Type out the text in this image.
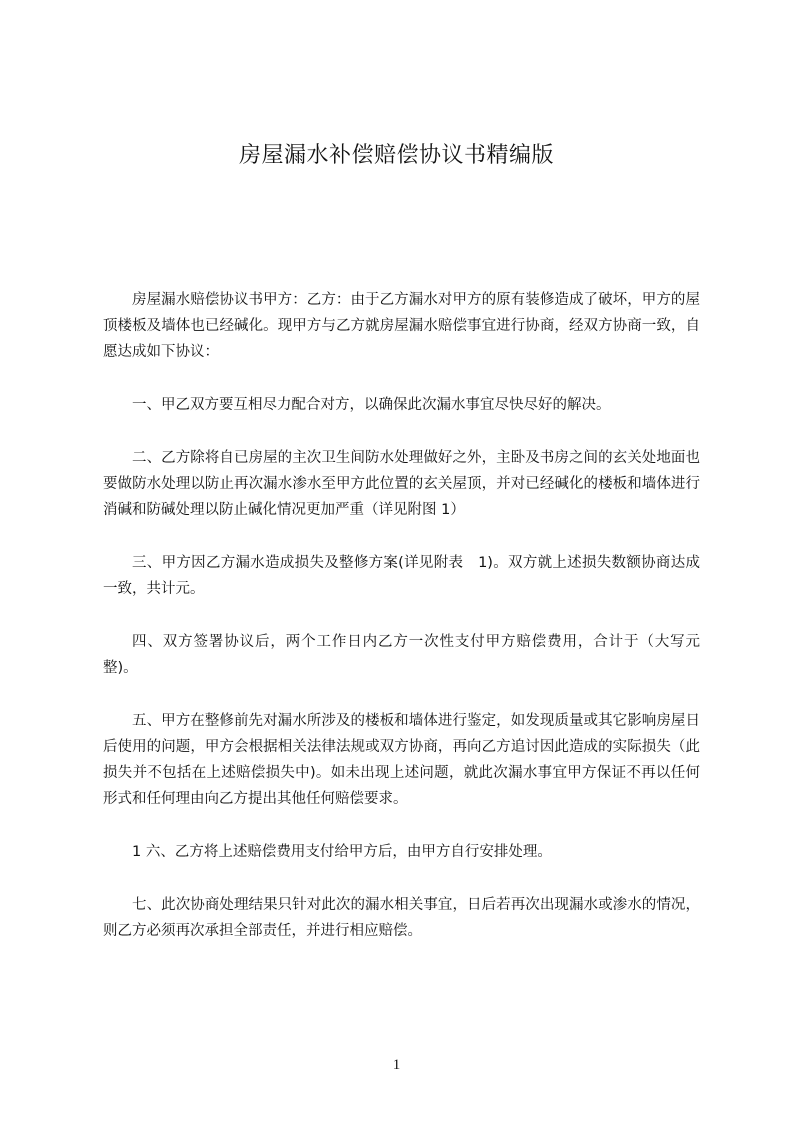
房屋漏水补偿赔偿协议书精编版

房屋漏水赔偿协议书甲方：乙方：由于乙方漏水对甲方的原有装修造成了破坏，甲方的屋顶楼板及墙体也已经碱化。现甲方与乙方就房屋漏水赔偿事宜进行协商，经双方协商一致，自愿达成如下协议：

一、甲乙双方要互相尽力配合对方，以确保此次漏水事宜尽快尽好的解决。

二、乙方除将自已房屋的主次卫生间防水处理做好之外，主卧及书房之间的玄关处地面也要做防水处理以防止再次漏水渗水至甲方此位置的玄关屋顶，并对已经碱化的楼板和墙体进行消碱和防碱处理以防止碱化情况更加严重（详见附图 1）

三、甲方因乙方漏水造成损失及整修方案(详见附表　1)。双方就上述损失数额协商达成一致，共计元。

四、双方签署协议后，两个工作日内乙方一次性支付甲方赔偿费用，合计于（大写元整)。

五、甲方在整修前先对漏水所涉及的楼板和墙体进行鉴定，如发现质量或其它影响房屋日后使用的问题，甲方会根据相关法律法规或双方协商，再向乙方追讨因此造成的实际损失（此损失并不包括在上述赔偿损失中)。如未出现上述问题，就此次漏水事宜甲方保证不再以任何形式和任何理由向乙方提出其他任何赔偿要求。

1 六、乙方将上述赔偿费用支付给甲方后，由甲方自行安排处理。

七、此次协商处理结果只针对此次的漏水相关事宜，日后若再次出现漏水或渗水的情况，则乙方必须再次承担全部责任，并进行相应赔偿。

1
